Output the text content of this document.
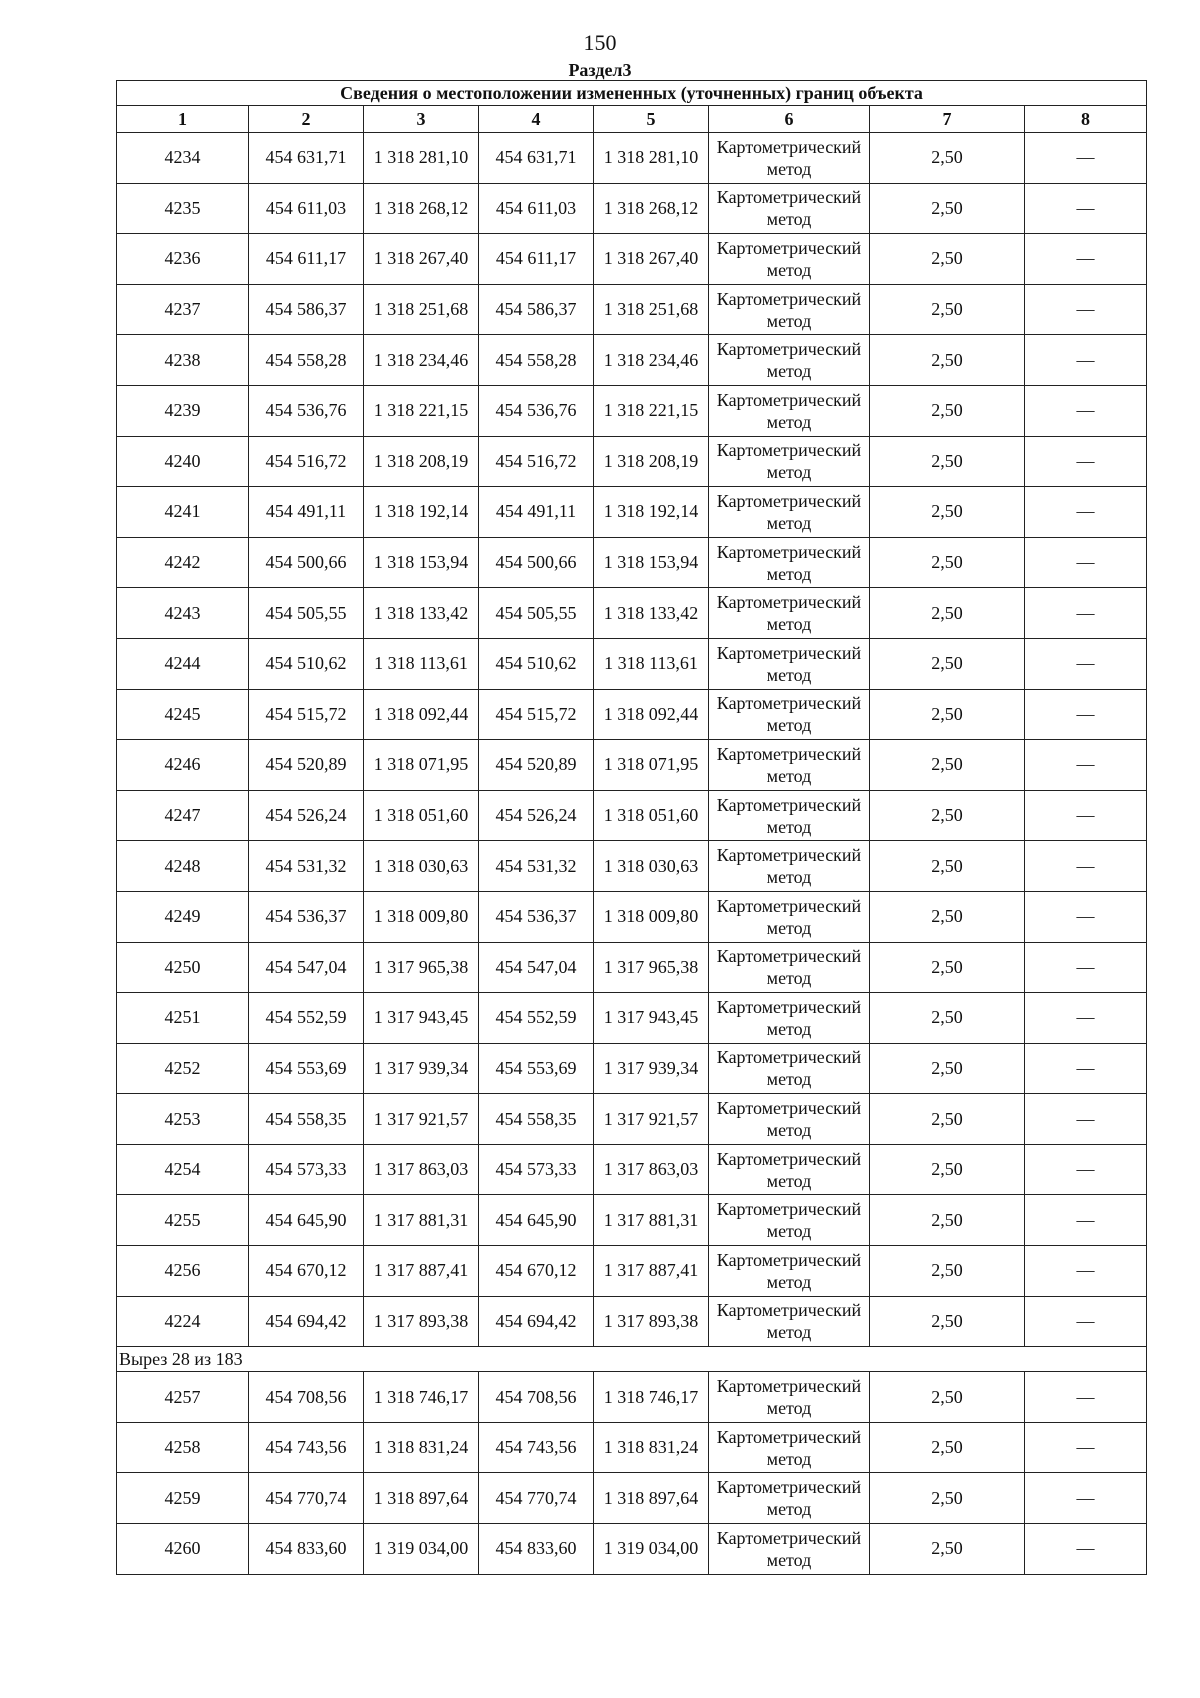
150
Раздел3
Сведения о местоположении измененных (уточненных) границ объекта							
1	2	3	4	5	6	7	8
4234	454 631,71	1 318 281,10	454 631,71	1 318 281,10	Картометрический метод	2,50	—
4235	454 611,03	1 318 268,12	454 611,03	1 318 268,12	Картометрический метод	2,50	—
4236	454 611,17	1 318 267,40	454 611,17	1 318 267,40	Картометрический метод	2,50	—
4237	454 586,37	1 318 251,68	454 586,37	1 318 251,68	Картометрический метод	2,50	—
4238	454 558,28	1 318 234,46	454 558,28	1 318 234,46	Картометрический метод	2,50	—
4239	454 536,76	1 318 221,15	454 536,76	1 318 221,15	Картометрический метод	2,50	—
4240	454 516,72	1 318 208,19	454 516,72	1 318 208,19	Картометрический метод	2,50	—
4241	454 491,11	1 318 192,14	454 491,11	1 318 192,14	Картометрический метод	2,50	—
4242	454 500,66	1 318 153,94	454 500,66	1 318 153,94	Картометрический метод	2,50	—
4243	454 505,55	1 318 133,42	454 505,55	1 318 133,42	Картометрический метод	2,50	—
4244	454 510,62	1 318 113,61	454 510,62	1 318 113,61	Картометрический метод	2,50	—
4245	454 515,72	1 318 092,44	454 515,72	1 318 092,44	Картометрический метод	2,50	—
4246	454 520,89	1 318 071,95	454 520,89	1 318 071,95	Картометрический метод	2,50	—
4247	454 526,24	1 318 051,60	454 526,24	1 318 051,60	Картометрический метод	2,50	—
4248	454 531,32	1 318 030,63	454 531,32	1 318 030,63	Картометрический метод	2,50	—
4249	454 536,37	1 318 009,80	454 536,37	1 318 009,80	Картометрический метод	2,50	—
4250	454 547,04	1 317 965,38	454 547,04	1 317 965,38	Картометрический метод	2,50	—
4251	454 552,59	1 317 943,45	454 552,59	1 317 943,45	Картометрический метод	2,50	—
4252	454 553,69	1 317 939,34	454 553,69	1 317 939,34	Картометрический метод	2,50	—
4253	454 558,35	1 317 921,57	454 558,35	1 317 921,57	Картометрический метод	2,50	—
4254	454 573,33	1 317 863,03	454 573,33	1 317 863,03	Картометрический метод	2,50	—
4255	454 645,90	1 317 881,31	454 645,90	1 317 881,31	Картометрический метод	2,50	—
4256	454 670,12	1 317 887,41	454 670,12	1 317 887,41	Картометрический метод	2,50	—
4224	454 694,42	1 317 893,38	454 694,42	1 317 893,38	Картометрический метод	2,50	—
Вырез 28 из 183							
4257	454 708,56	1 318 746,17	454 708,56	1 318 746,17	Картометрический метод	2,50	—
4258	454 743,56	1 318 831,24	454 743,56	1 318 831,24	Картометрический метод	2,50	—
4259	454 770,74	1 318 897,64	454 770,74	1 318 897,64	Картометрический метод	2,50	—
4260	454 833,60	1 319 034,00	454 833,60	1 319 034,00	Картометрический метод	2,50	—
